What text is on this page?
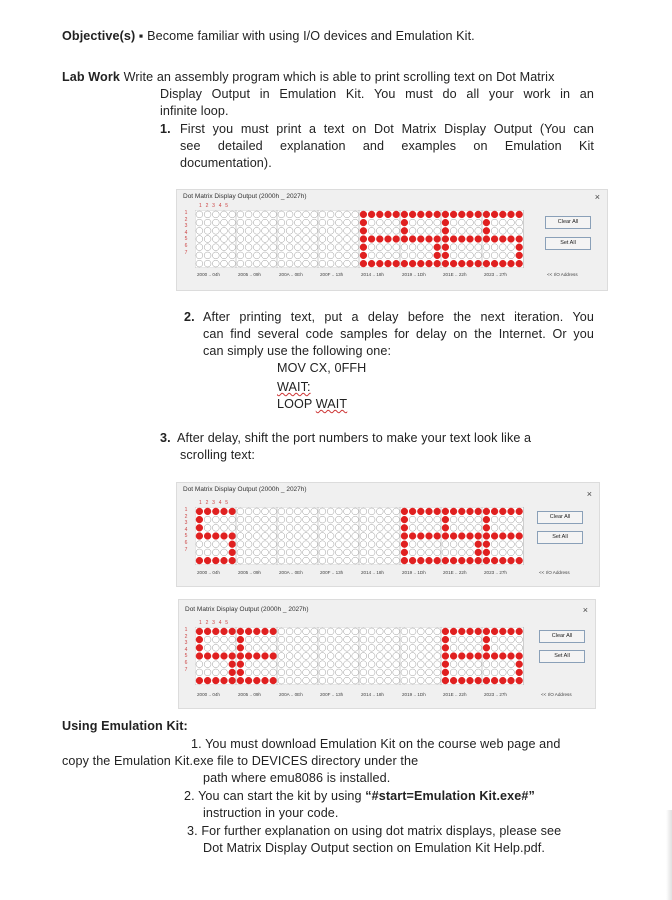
Objective(s) ▪ Become familiar with using I/O devices and Emulation Kit.
Lab Work Write an assembly program which is able to print scrolling text on Dot Matrix
Display Output in Emulation Kit. You must do all your work in an
infinite loop.
1. First you must print a text on Dot Matrix Display Output (You can
see detailed explanation and examples on Emulation Kit
documentation).
Dot Matrix Display Output (2000h _ 2027h)	×
1 2 3 4 5
1
2
3
4
5
6
7
Clear All
Set All
2000 .. 04h	2005 .. 09h	200A .. 0Eh	200F .. 13h	2014 .. 18h	2019 .. 1Dh	201E .. 22h	2023 .. 27h	<< I/O Address
2. After printing text, put a delay before the next iteration. You
can find several code samples for delay on the Internet. Or you
can simply use the following one:
MOV CX, 0FFH
WAIT:
LOOP WAIT
3. After delay, shift the port numbers to make your text look like a
scrolling text:
Dot Matrix Display Output (2000h _ 2027h)	×
1 2 3 4 5
1
2
3
4
5
6
7
Clear All
Set All
2000 .. 04h	2005 .. 09h	200A .. 0Eh	200F .. 13h	2014 .. 18h	2019 .. 1Dh	201E .. 22h	2023 .. 27h	<< I/O Address
Dot Matrix Display Output (2000h _ 2027h)	×
1 2 3 4 5
1
2
3
4
5
6
7
Clear All
Set All
2000 .. 04h	2005 .. 09h	200A .. 0Eh	200F .. 13h	2014 .. 18h	2019 .. 1Dh	201E .. 22h	2023 .. 27h	<< I/O Address
Using Emulation Kit:
1. You must download Emulation Kit on the course web page and
copy the Emulation Kit.exe file to DEVICES directory under the
path where emu8086 is installed.
2. You can start the kit by using “#start=Emulation Kit.exe#”
instruction in your code.
3. For further explanation on using dot matrix displays, please see
Dot Matrix Display Output section on Emulation Kit Help.pdf.
